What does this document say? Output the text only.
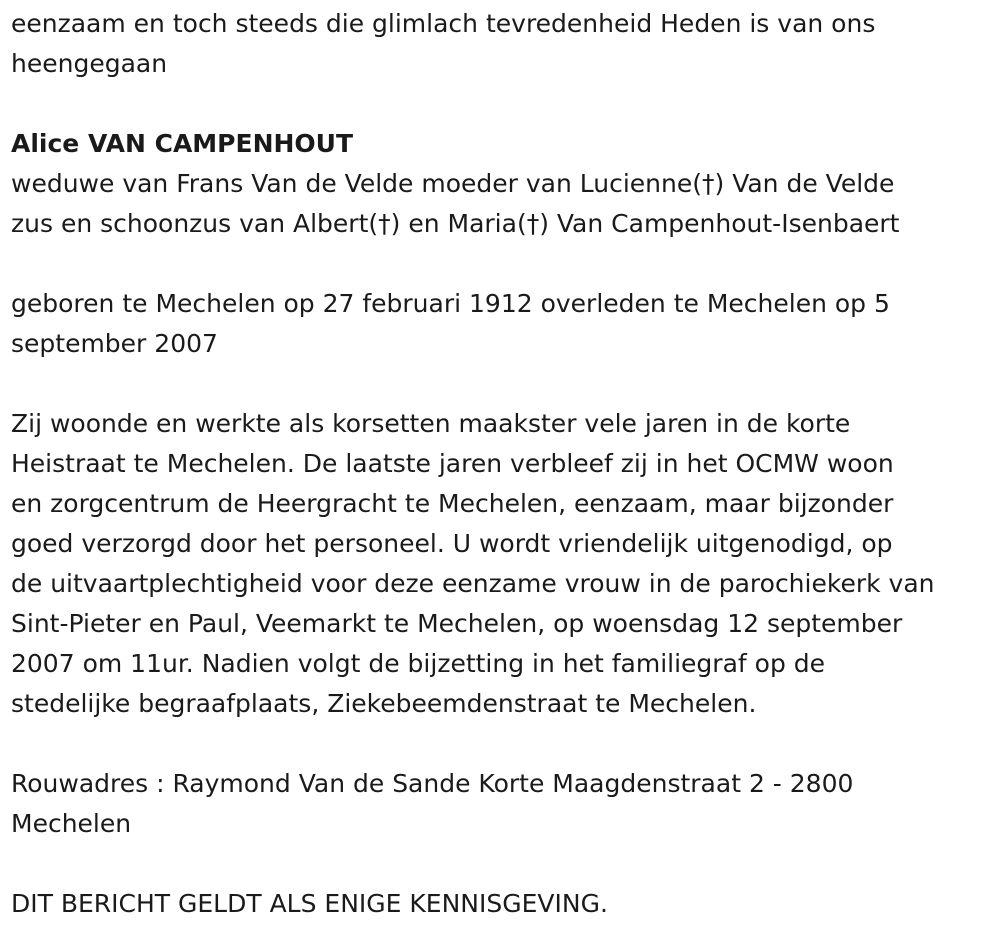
eenzaam en toch steeds die glimlach tevredenheid Heden is van ons
heengegaan

Alice VAN CAMPENHOUT

weduwe van Frans Van de Velde moeder van Lucienne(†) Van de Velde
zus en schoonzus van Albert(†) en Maria(†) Van Campenhout-Isenbaert

geboren te Mechelen op 27 februari 1912 overleden te Mechelen op 5
september 2007

Zij woonde en werkte als korsetten maakster vele jaren in de korte
Heistraat te Mechelen. De laatste jaren verbleef zij in het OCMW woon
en zorgcentrum de Heergracht te Mechelen, eenzaam, maar bijzonder
goed verzorgd door het personeel. U wordt vriendelijk uitgenodigd, op
de uitvaartplechtigheid voor deze eenzame vrouw in de parochiekerk van
Sint-Pieter en Paul, Veemarkt te Mechelen, op woensdag 12 september
2007 om 11ur. Nadien volgt de bijzetting in het familiegraf op de
stedelijke begraafplaats, Ziekebeemdenstraat te Mechelen.

Rouwadres : Raymond Van de Sande Korte Maagdenstraat 2 - 2800
Mechelen

DIT BERICHT GELDT ALS ENIGE KENNISGEVING.
